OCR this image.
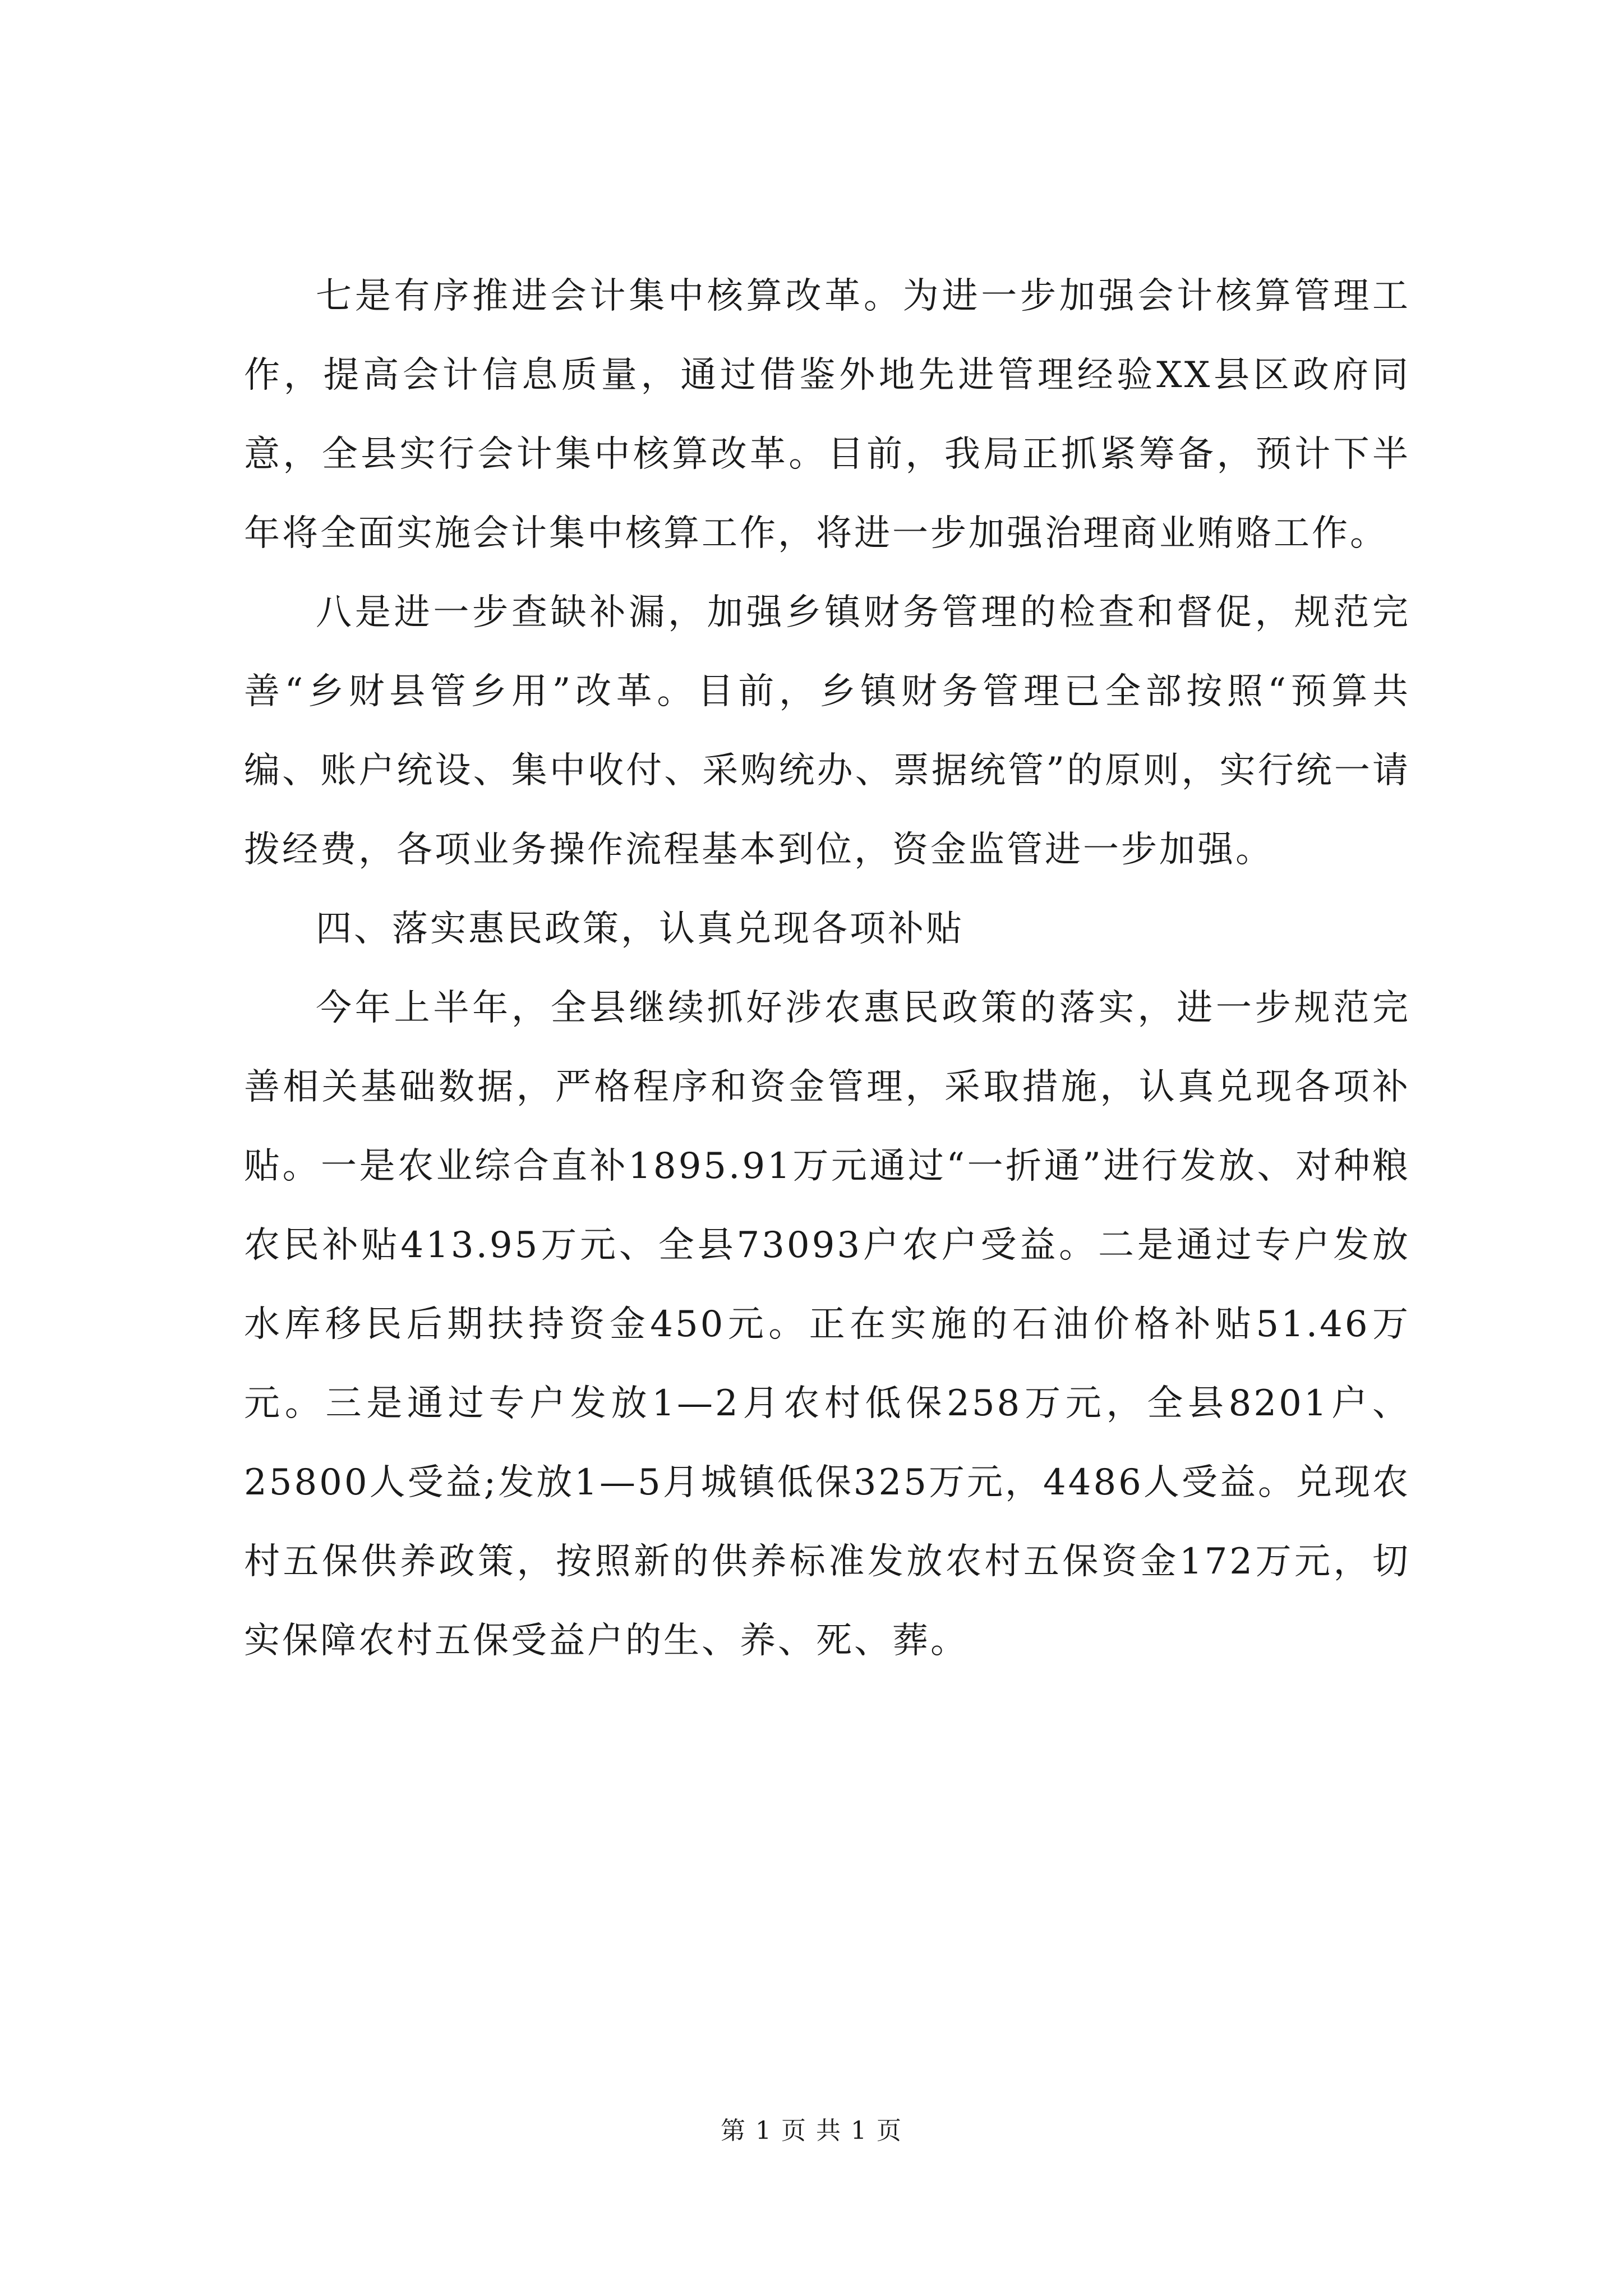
七是有序推进会计集中核算改革。为进一步加强会计核算管理工作，提高会计信息质量，通过借鉴外地先进管理经验XX县区政府同意，全县实行会计集中核算改革。目前，我局正抓紧筹备，预计下半年将全面实施会计集中核算工作，将进一步加强治理商业贿赂工作。

八是进一步查缺补漏，加强乡镇财务管理的检查和督促，规范完善“乡财县管乡用”改革。目前，乡镇财务管理已全部按照“预算共编、账户统设、集中收付、采购统办、票据统管”的原则，实行统一请拨经费，各项业务操作流程基本到位，资金监管进一步加强。

四、落实惠民政策，认真兑现各项补贴

今年上半年，全县继续抓好涉农惠民政策的落实，进一步规范完善相关基础数据，严格程序和资金管理，采取措施，认真兑现各项补贴。一是农业综合直补1895.91万元通过“一折通”进行发放、对种粮农民补贴413.95万元、全县73093户农户受益。二是通过专户发放水库移民后期扶持资金450元。正在实施的石油价格补贴51.46万元。三是通过专户发放1—2月农村低保258万元，全县8201户、25800人受益;发放1—5月城镇低保325万元，4486人受益。兑现农村五保供养政策，按照新的供养标准发放农村五保资金172万元，切实保障农村五保受益户的生、养、死、葬。

第 1 页 共 1 页
